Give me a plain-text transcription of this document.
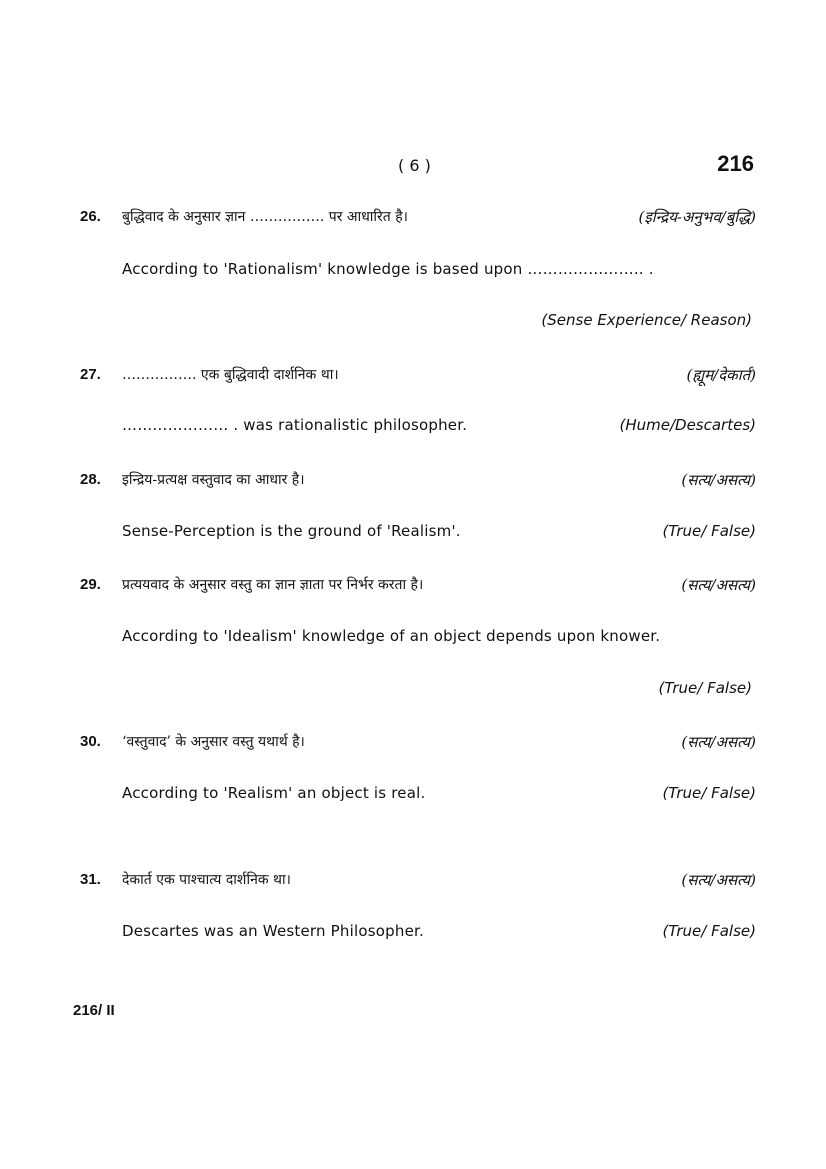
( 6 )	216
26. बुद्धिवाद के अनुसार ज्ञान ……………. पर आधारित है।	(इन्द्रिय-अनुभव/बुद्धि)
According to 'Rationalism' knowledge is based upon ………………….. .
(Sense Experience/ Reason)
27. ……………. एक बुद्धिवादी दार्शनिक था।	(ह्यूम/देकार्त)
………………… . was rationalistic philosopher.	(Hume/Descartes)
28. इन्द्रिय-प्रत्यक्ष वस्तुवाद का आधार है।	(सत्य/असत्य)
Sense-Perception is the ground of 'Realism'.	(True/ False)
29. प्रत्ययवाद के अनुसार वस्तु का ज्ञान ज्ञाता पर निर्भर करता है।	(सत्य/असत्य)
According to 'Idealism' knowledge of an object depends upon knower.
(True/ False)
30. ‘वस्तुवाद’ के अनुसार वस्तु यथार्थ है।	(सत्य/असत्य)
According to 'Realism' an object is real.	(True/ False)
31. देकार्त एक पाश्चात्य दार्शनिक था।	(सत्य/असत्य)
Descartes was an Western Philosopher.	(True/ False)
216/ II
